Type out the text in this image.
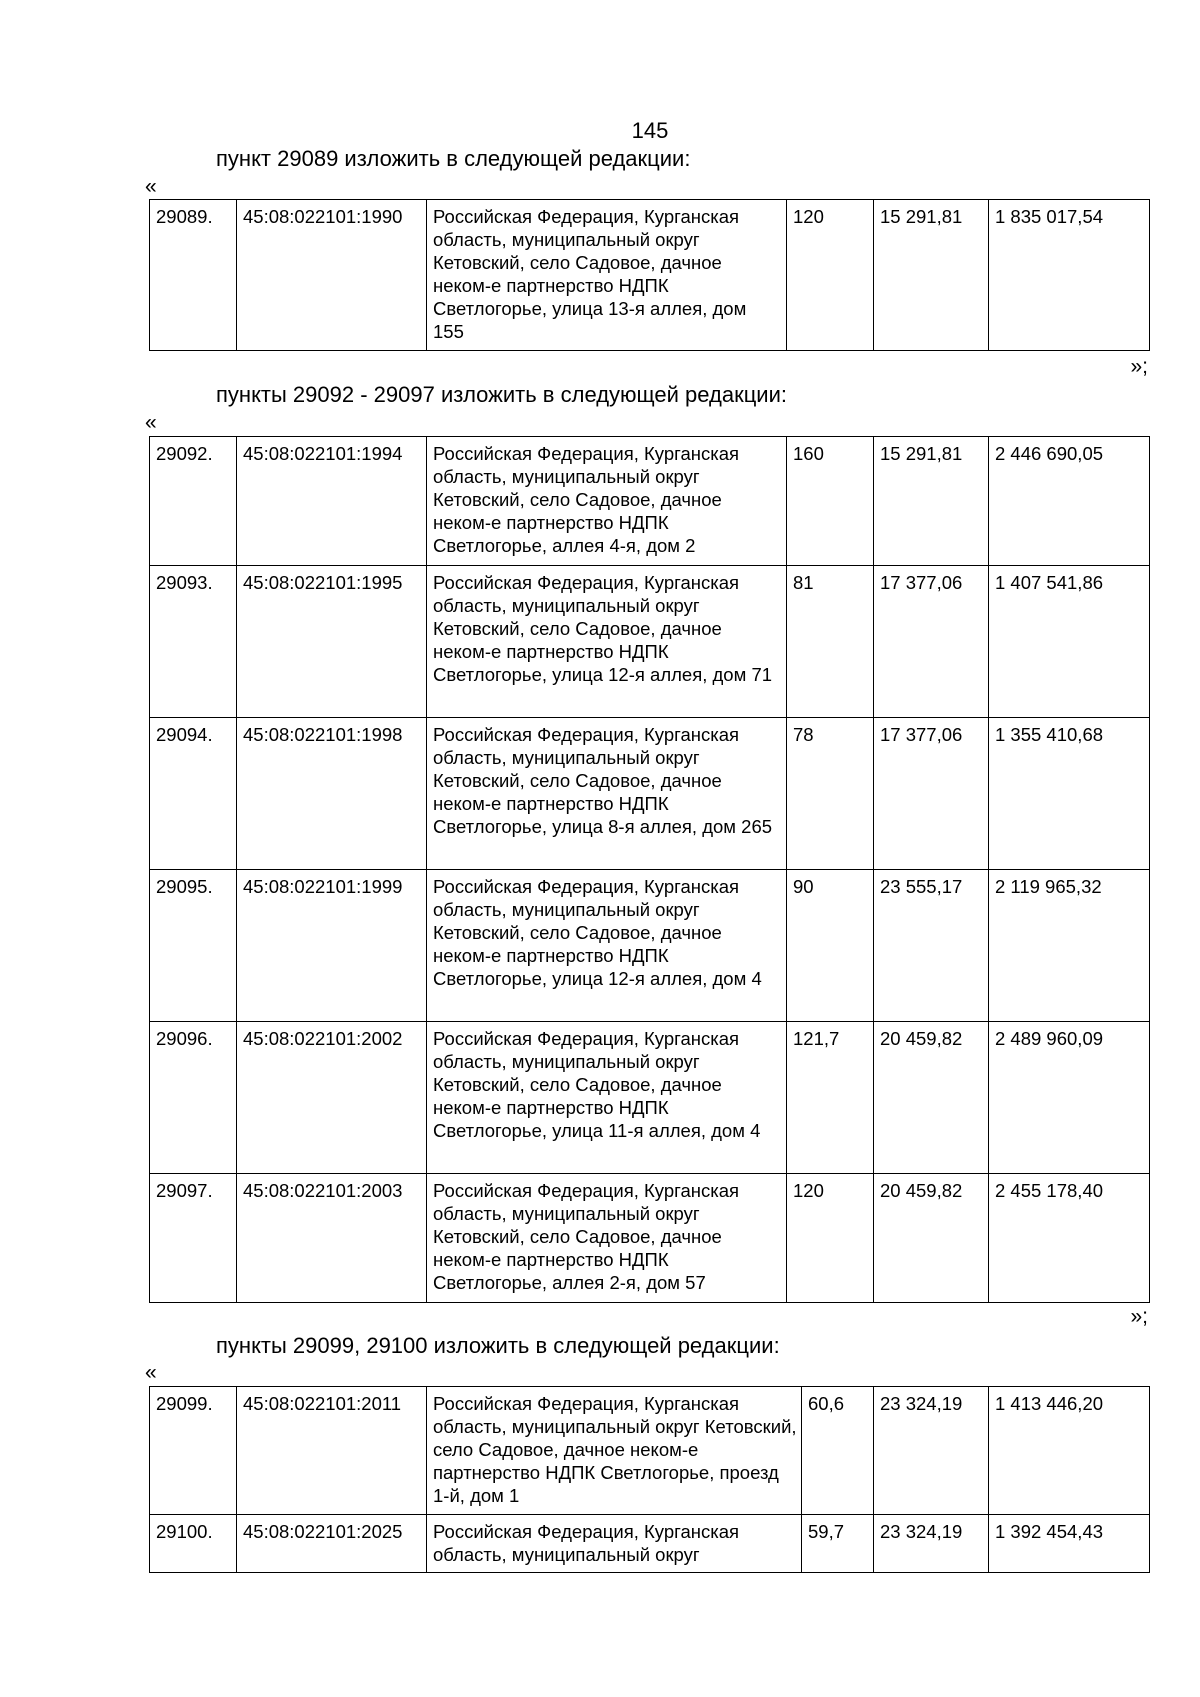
145
пункт 29089 изложить в следующей редакции:
«
29089.	45:08:022101:1990	Российская Федерация, Курганская область, муниципальный округ Кетовский, село Садовое, дачное неком-е партнерство НДПК Светлогорье, улица 13-я аллея, дом 155	120	15 291,81	1 835 017,54
»;
пункты 29092 - 29097 изложить в следующей редакции:
«
29092.	45:08:022101:1994	Российская Федерация, Курганская область, муниципальный округ Кетовский, село Садовое, дачное неком-е партнерство НДПК Светлогорье, аллея 4-я, дом 2	160	15 291,81	2 446 690,05
29093.	45:08:022101:1995	Российская Федерация, Курганская область, муниципальный округ Кетовский, село Садовое, дачное неком-е партнерство НДПК Светлогорье, улица 12-я аллея, дом 71	81	17 377,06	1 407 541,86
29094.	45:08:022101:1998	Российская Федерация, Курганская область, муниципальный округ Кетовский, село Садовое, дачное неком-е партнерство НДПК Светлогорье, улица 8-я аллея, дом 265	78	17 377,06	1 355 410,68
29095.	45:08:022101:1999	Российская Федерация, Курганская область, муниципальный округ Кетовский, село Садовое, дачное неком-е партнерство НДПК Светлогорье, улица 12-я аллея, дом 4	90	23 555,17	2 119 965,32
29096.	45:08:022101:2002	Российская Федерация, Курганская область, муниципальный округ Кетовский, село Садовое, дачное неком-е партнерство НДПК Светлогорье, улица 11-я аллея, дом 4	121,7	20 459,82	2 489 960,09
29097.	45:08:022101:2003	Российская Федерация, Курганская область, муниципальный округ Кетовский, село Садовое, дачное неком-е партнерство НДПК Светлогорье, аллея 2-я, дом 57	120	20 459,82	2 455 178,40
»;
пункты 29099, 29100 изложить в следующей редакции:
«
29099.	45:08:022101:2011	Российская Федерация, Курганская область, муниципальный округ Кетовский, село Садовое, дачное неком-е партнерство НДПК Светлогорье, проезд 1-й, дом 1	60,6	23 324,19	1 413 446,20
29100.	45:08:022101:2025	Российская Федерация, Курганская область, муниципальный округ	59,7	23 324,19	1 392 454,43
